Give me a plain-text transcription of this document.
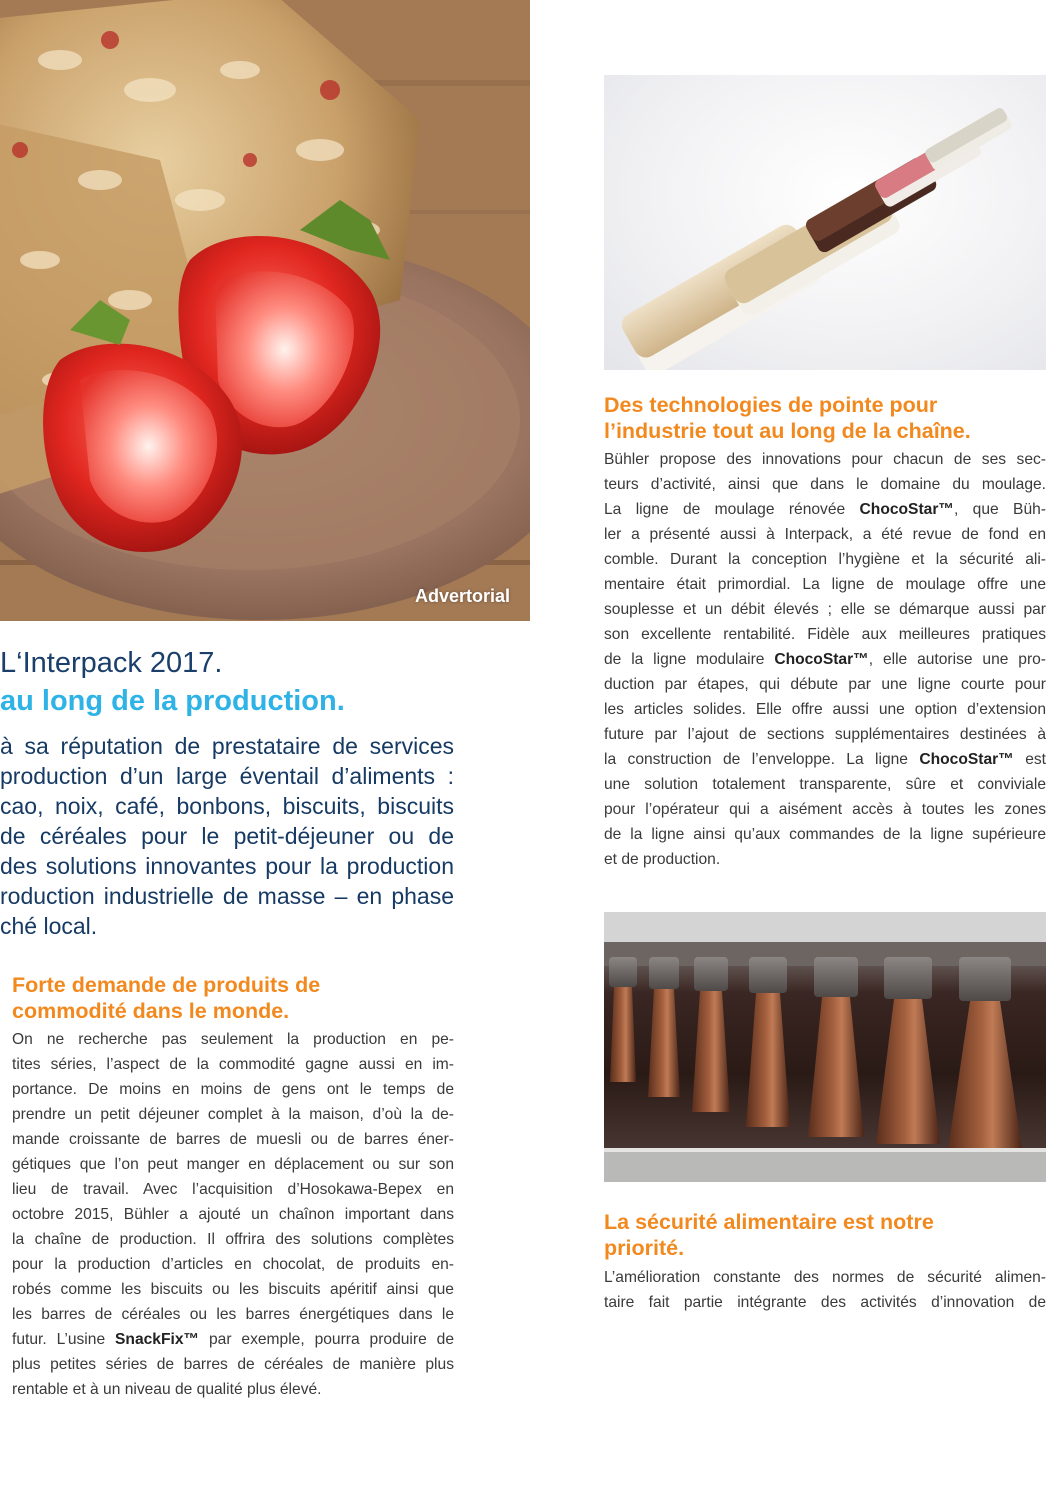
Advertorial
L‘Interpack 2017.
au long de la production.
à sa réputation de prestataire de services
production d’un large éventail d’aliments :
cao, noix, café, bonbons, biscuits, biscuits
de céréales pour le petit-déjeuner ou de
des solutions innovantes pour la production
roduction industrielle de masse – en phase
ché local.
Forte demande de produits de
commodité dans le monde.
On ne recherche pas seulement la production en pe-
tites séries, l’aspect de la commodité gagne aussi en im-
portance. De moins en moins de gens ont le temps de
prendre un petit déjeuner complet à la maison, d’où la de-
mande croissante de barres de muesli ou de barres éner-
gétiques que l’on peut manger en déplacement ou sur son
lieu de travail. Avec l’acquisition d’Hosokawa-Bepex en
octobre 2015, Bühler a ajouté un chaînon important dans
la chaîne de production. Il offrira des solutions complètes
pour la production d’articles en chocolat, de produits en-
robés comme les biscuits ou les biscuits apéritif ainsi que
les barres de céréales ou les barres énergétiques dans le
futur. L’usine SnackFix™ par exemple, pourra produire de
plus petites séries de barres de céréales de manière plus
rentable et à un niveau de qualité plus élevé.
Des technologies de pointe pour
l’industrie tout au long de la chaîne.
Bühler propose des innovations pour chacun de ses sec-
teurs d’activité, ainsi que dans le domaine du moulage.
La ligne de moulage rénovée ChocoStar™, que Büh-
ler a présenté aussi à Interpack, a été revue de fond en
comble. Durant la conception l’hygiène et la sécurité ali-
mentaire était primordial. La ligne de moulage offre une
souplesse et un débit élevés ; elle se démarque aussi par
son excellente rentabilité. Fidèle aux meilleures pratiques
de la ligne modulaire ChocoStar™, elle autorise une pro-
duction par étapes, qui débute par une ligne courte pour
les articles solides. Elle offre aussi une option d’extension
future par l’ajout de sections supplémentaires destinées à
la construction de l’enveloppe. La ligne ChocoStar™ est
une solution totalement transparente, sûre et conviviale
pour l’opérateur qui a aisément accès à toutes les zones
de la ligne ainsi qu’aux commandes de la ligne supérieure
et de production.
La sécurité alimentaire est notre
priorité.
L’amélioration constante des normes de sécurité alimen-
taire fait partie intégrante des activités d’innovation de
